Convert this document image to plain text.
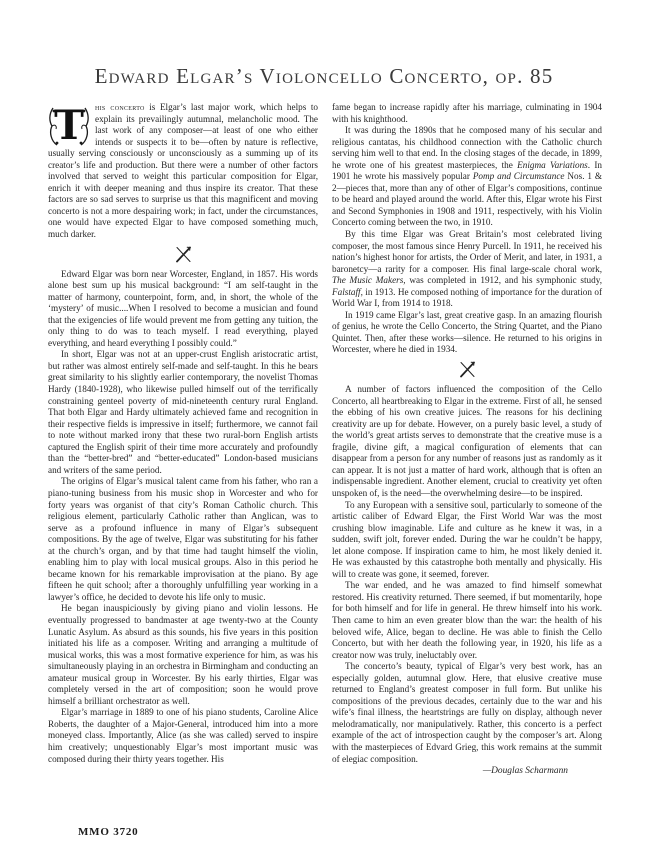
Edward Elgar’s Violoncello Concerto, op. 85

T his concerto is Elgar’s last major work, which helps to explain its prevailingly autumnal, melancholic mood. The last work of any composer—at least of one who either intends or suspects it to be—often by nature is reflective, usually serving consciously or unconsciously as a summing up of its creator’s life and production. But there were a number of other factors involved that served to weight this particular composition for Elgar, enrich it with deeper meaning and thus inspire its creator. That these factors are so sad serves to surprise us that this magnificent and moving concerto is not a more despairing work; in fact, under the circumstances, one would have expected Elgar to have composed something much, much darker.

Edward Elgar was born near Worcester, England, in 1857. His words alone best sum up his musical background: “I am self-taught in the matter of harmony, counterpoint, form, and, in short, the whole of the ‘mystery’ of music....When I resolved to become a musician and found that the exigencies of life would prevent me from getting any tuition, the only thing to do was to teach myself. I read everything, played everything, and heard everything I possibly could.”

In short, Elgar was not at an upper-crust English aristocratic artist, but rather was almost entirely self-made and self-taught. In this he bears great similarity to his slightly earlier contemporary, the novelist Thomas Hardy (1840-1928), who likewise pulled himself out of the terrifically constraining genteel poverty of mid-nineteenth century rural England. That both Elgar and Hardy ultimately achieved fame and recognition in their respective fields is impressive in itself; furthermore, we cannot fail to note without marked irony that these two rural-born English artists captured the English spirit of their time more accurately and profoundly than the “better-bred” and “better-educated” London-based musicians and writers of the same period.

The origins of Elgar’s musical talent came from his father, who ran a piano-tuning business from his music shop in Worcester and who for forty years was organist of that city’s Roman Catholic church. This religious element, particularly Catholic rather than Anglican, was to serve as a profound influence in many of Elgar’s subsequent compositions. By the age of twelve, Elgar was substituting for his father at the church’s organ, and by that time had taught himself the violin, enabling him to play with local musical groups. Also in this period he became known for his remarkable improvisation at the piano. By age fifteen he quit school; after a thoroughly unfulfilling year working in a lawyer’s office, he decided to devote his life only to music.

He began inauspiciously by giving piano and violin lessons. He eventually progressed to bandmaster at age twenty-two at the County Lunatic Asylum. As absurd as this sounds, his five years in this position initiated his life as a composer. Writing and arranging a multitude of musical works, this was a most formative experience for him, as was his simultaneously playing in an orchestra in Birmingham and conducting an amateur musical group in Worcester. By his early thirties, Elgar was completely versed in the art of composition; soon he would prove himself a brilliant orchestrator as well.

Elgar’s marriage in 1889 to one of his piano students, Caroline Alice Roberts, the daughter of a Major-General, introduced him into a more moneyed class. Importantly, Alice (as she was called) served to inspire him creatively; unquestionably Elgar’s most important music was composed during their thirty years together. His

fame began to increase rapidly after his marriage, culminating in 1904 with his knighthood.

It was during the 1890s that he composed many of his secular and religious cantatas, his childhood connection with the Catholic church serving him well to that end. In the closing stages of the decade, in 1899, he wrote one of his greatest masterpieces, the Enigma Variations. In 1901 he wrote his massively popular Pomp and Circumstance Nos. 1 & 2—pieces that, more than any of other of Elgar’s compositions, continue to be heard and played around the world. After this, Elgar wrote his First and Second Symphonies in 1908 and 1911, respectively, with his Violin Concerto coming between the two, in 1910.

By this time Elgar was Great Britain’s most celebrated living composer, the most famous since Henry Purcell. In 1911, he received his nation’s highest honor for artists, the Order of Merit, and later, in 1931, a baronetcy—a rarity for a composer. His final large-scale choral work, The Music Makers, was completed in 1912, and his symphonic study, Falstaff, in 1913. He composed nothing of importance for the duration of World War I, from 1914 to 1918.

In 1919 came Elgar’s last, great creative gasp. In an amazing flourish of genius, he wrote the Cello Concerto, the String Quartet, and the Piano Quintet. Then, after these works—silence. He returned to his origins in Worcester, where he died in 1934.

A number of factors influenced the composition of the Cello Concerto, all heartbreaking to Elgar in the extreme. First of all, he sensed the ebbing of his own creative juices. The reasons for his declining creativity are up for debate. However, on a purely basic level, a study of the world’s great artists serves to demonstrate that the creative muse is a fragile, divine gift, a magical configuration of elements that can disappear from a person for any number of reasons just as randomly as it can appear. It is not just a matter of hard work, although that is often an indispensable ingredient. Another element, crucial to creativity yet often unspoken of, is the need—the overwhelming desire—to be inspired.

To any European with a sensitive soul, particularly to someone of the artistic caliber of Edward Elgar, the First World War was the most crushing blow imaginable. Life and culture as he knew it was, in a sudden, swift jolt, forever ended. During the war he couldn’t be happy, let alone compose. If inspiration came to him, he most likely denied it. He was exhausted by this catastrophe both mentally and physically. His will to create was gone, it seemed, forever.

The war ended, and he was amazed to find himself somewhat restored. His creativity returned. There seemed, if but momentarily, hope for both himself and for life in general. He threw himself into his work. Then came to him an even greater blow than the war: the health of his beloved wife, Alice, began to decline. He was able to finish the Cello Concerto, but with her death the following year, in 1920, his life as a creator now was truly, ineluctably over.

The concerto’s beauty, typical of Elgar’s very best work, has an especially golden, autumnal glow. Here, that elusive creative muse returned to England’s greatest composer in full form. But unlike his compositions of the previous decades, certainly due to the war and his wife’s final illness, the heartstrings are fully on display, although never melodramatically, nor manipulatively. Rather, this concerto is a perfect example of the act of introspection caught by the composer’s art. Along with the masterpieces of Edvard Grieg, this work remains at the summit of elegiac composition.

—Douglas Scharmann
MMO 3720
